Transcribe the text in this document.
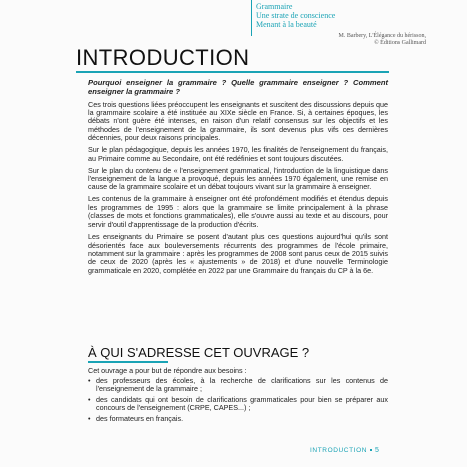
Grammaire
Une strate de conscience
Menant à la beauté
M. Barbery, L'Élégance du hérisson,
© Éditions Gallimard
INTRODUCTION

Pourquoi enseigner la grammaire ? Quelle grammaire enseigner ? Comment enseigner la grammaire ?

Ces trois questions liées préoccupent les enseignants et suscitent des discussions depuis que la grammaire scolaire a été instituée au XIXe siècle en France. Si, à certaines époques, les débats n'ont guère été intenses, en raison d'un relatif consensus sur les objectifs et les méthodes de l'enseignement de la grammaire, ils sont devenus plus vifs ces dernières décennies, pour deux raisons principales.

Sur le plan pédagogique, depuis les années 1970, les finalités de l'enseignement du français, au Primaire comme au Secondaire, ont été redéfinies et sont toujours discutées.

Sur le plan du contenu de « l'enseignement grammatical, l'introduction de la linguistique dans l'enseignement de la langue a provoqué, depuis les années 1970 également, une remise en cause de la grammaire scolaire et un débat toujours vivant sur la grammaire à enseigner.

Les contenus de la grammaire à enseigner ont été profondément modifiés et étendus depuis les programmes de 1995 : alors que la grammaire se limite principalement à la phrase (classes de mots et fonctions grammaticales), elle s'ouvre aussi au texte et au discours, pour servir d'outil d'apprentissage de la production d'écrits.

Les enseignants du Primaire se posent d'autant plus ces questions aujourd'hui qu'ils sont désorientés face aux bouleversements récurrents des programmes de l'école primaire, notamment sur la grammaire : après les programmes de 2008 sont parus ceux de 2015 suivis de ceux de 2020 (après les « ajustements » de 2018) et d'une nouvelle Terminologie grammaticale en 2020, complétée en 2022 par une Grammaire du français du CP à la 6e.

À QUI S'ADRESSE CET OUVRAGE ?

Cet ouvrage a pour but de répondre aux besoins :

• des professeurs des écoles, à la recherche de clarifications sur les contenus de l'enseignement de la grammaire ;
• des candidats qui ont besoin de clarifications grammaticales pour bien se préparer aux concours de l'enseignement (CRPE, CAPES...) ;
• des formateurs en français.
INTRODUCTION 5
